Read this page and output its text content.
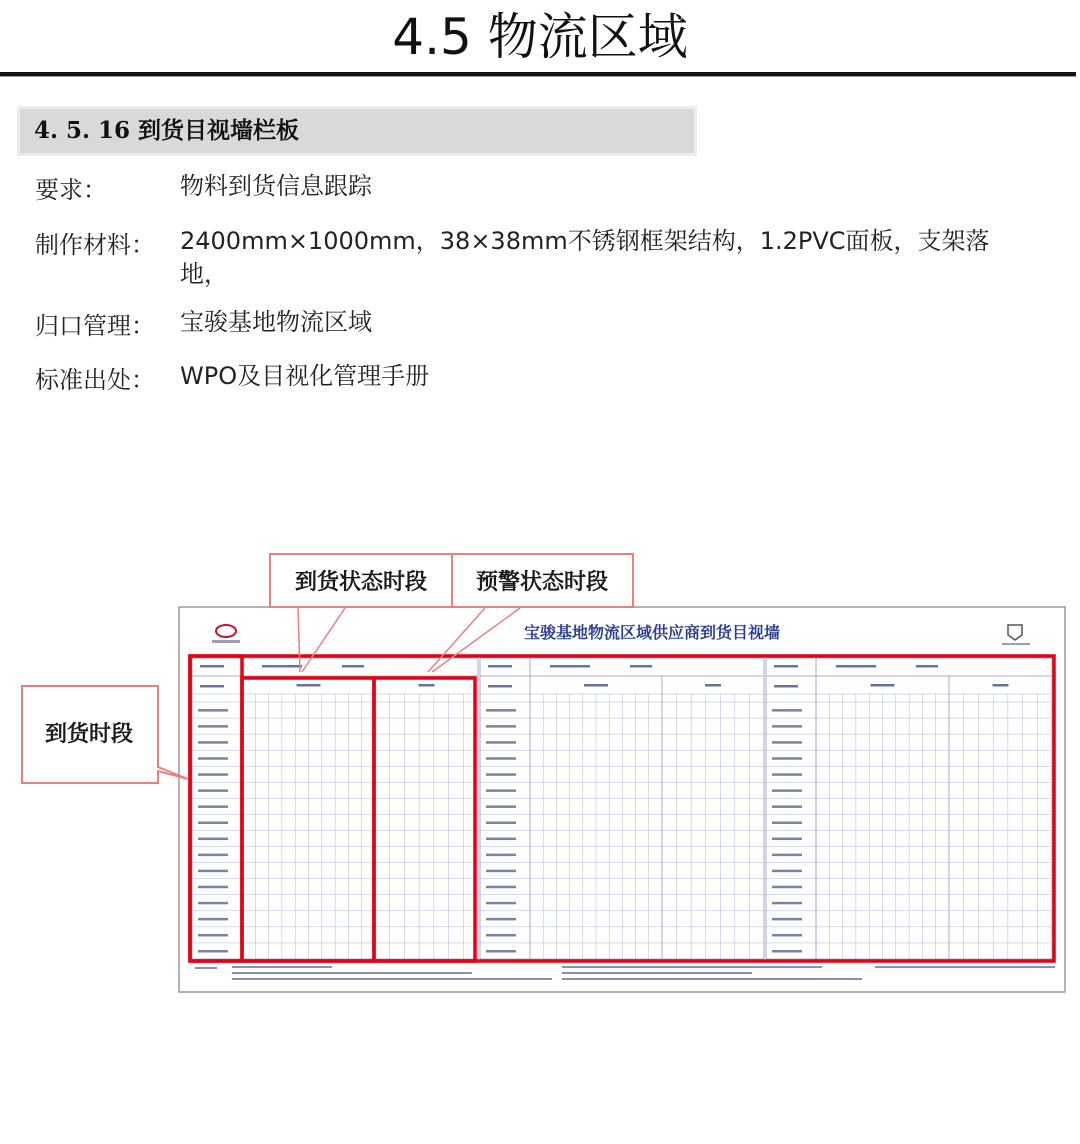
4.5 物流区域
4. 5. 16 到货目视墙栏板
要求：	物料到货信息跟踪
制作材料： 2400mm×1000mm，38×38mm不锈钢框架结构，1.2PVC面板，支架落地，
归口管理： 宝骏基地物流区域
标准出处： WPO及目视化管理手册
宝骏基地物流区域供应商到货目视墙
到货状态时段 预警状态时段
到货时段
